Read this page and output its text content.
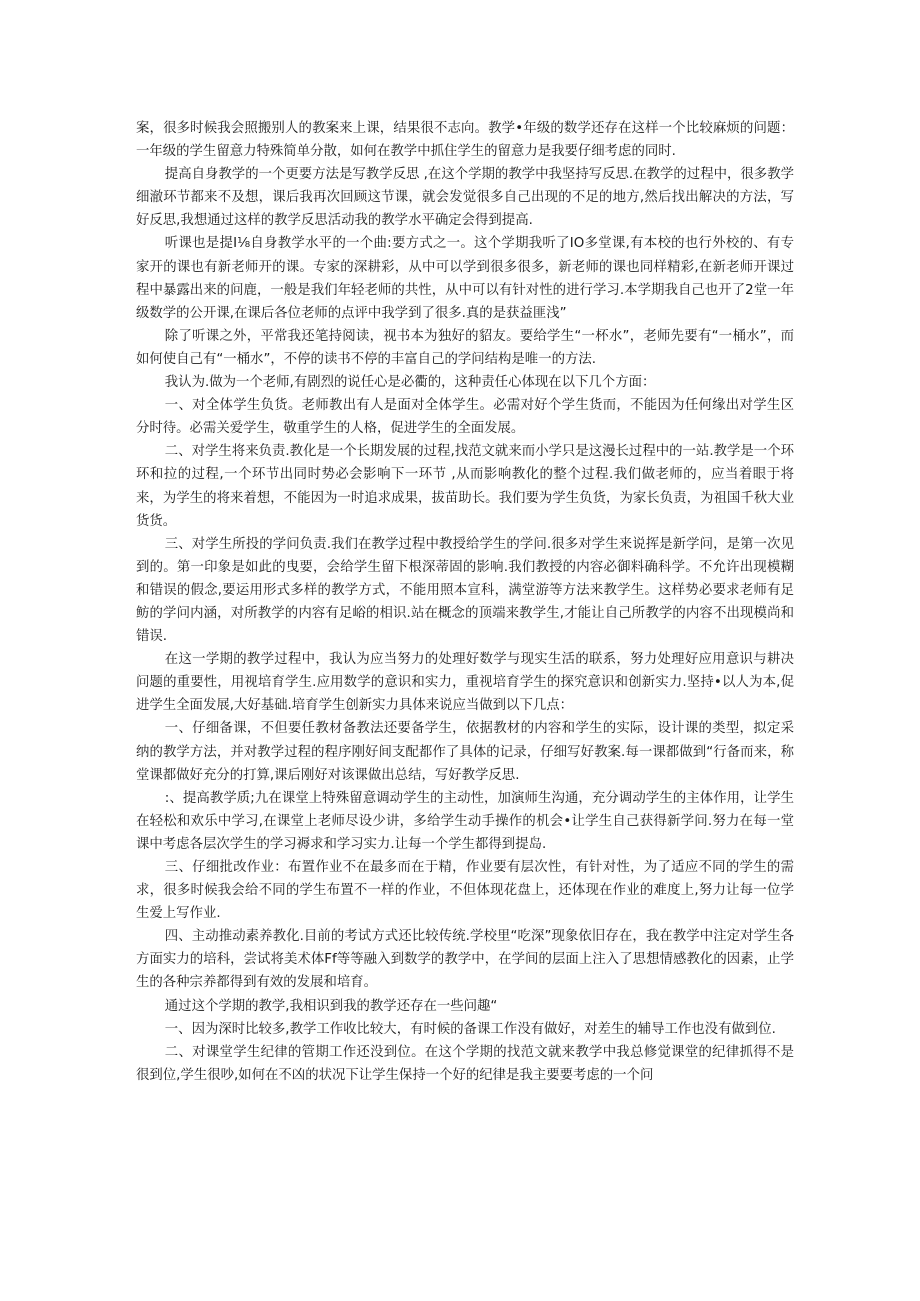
案，很多时候我会照搬别人的教案来上课，结果很不志向。教学•年级的数学还存在这样一个比较麻烦的问题：一年级的学生留意力特殊简单分散，如何在教学中抓住学生的留意力是我要仔细考虑的同时.

提高自身教学的一个更要方法是写教学反思 ,在这个学期的教学中我坚持写反思.在教学的过程中，很多教学细澈环节都来不及想，课后我再次回顾这节课，就会发觉很多自己出现的不足的地方,然后找出解决的方法，写好反思,我想通过这样的教学反思活动我的教学水平确定会得到提高.

听课也是提I⅛自身教学水平的一个曲:要方式之一。这个学期我听了IO多堂课,有本校的也行外校的、有专家开的课也有新老师开的课。专家的深耕彩，从中可以学到很多很多，新老师的课也同样精彩,在新老师开课过程中暴露出来的问鹿，一般是我们年轻老师的共性，从中可以有针对性的进行学习.本学期我自己也开了2堂一年级数学的公开课,在课后各位老师的点评中我学到了很多.真的是获益匪浅”

除了听课之外，平常我还笔持阅读，视书本为独好的貂友。要给学生“一杯水”，老师先要有“一桶水”，而如何使自己有“一桶水”，不停的读书不停的丰富自己的学问结构是唯一的方法.

我认为.做为一个老师,有剧烈的说任心是必衢的，这种责任心体现在以下几个方面：

一、对全体学生负货。老师教出有人是面对全体学生。必需对好个学生货而，不能因为任何缘出对学生区分时待。必需关爱学生，敬重学生的人格，促进学生的全面发展。

二、对学生将来负责.教化是一个长期发展的过程,找范文就来而小学只是这漫长过程中的一站.教学是一个环环和拉的过程,一个环节出同时势必会影响下一环节 ,从而影响教化的整个过程.我们做老师的，应当着眼于将来，为学生的将来着想，不能因为一时追求成果，拔苗助长。我们要为学生负货，为家长负责，为祖国千秋大业货货。

三、对学生所投的学问负责.我们在教学过程中教授给学生的学问.很多对学生来说挥是新学问，是第一次见到的。第一印象是如此的曳要，会给学生留下根深蒂固的影响.我们教授的内容必御料确科学。不允许出现模糊和错误的假念,要运用形式多样的教学方式，不能用照本宣科，满堂游等方法来教学生。这样势必要求老师有足鲂的学问内涵，对所教学的内容有足峪的相识.站在概念的顶端来教学生,才能让自己所教学的内容不出现模尚和错误.

在这一学期的教学过程中，我认为应当努力的处理好数学与现实生活的联系，努力处理好应用意识与耕决问题的重要性，用视培育学生.应用数学的意识和实力，重视培育学生的探究意识和创新实力.坚持•以人为本,促进学生全面发展,大好基础.培育学生创新实力具体来说应当做到以下几点：

一、仔细备课，不但要任教材备教法还要备学生，依据教材的内容和学生的实际，设计课的类型，拟定采纳的教学方法，并对教学过程的程序刚好间支配都作了具体的记录，仔细写好教案.每一课都做到“行备而来，称堂课都做好充分的打算,课后刚好对该课做出总结，写好教学反思.

:、提高教学质;九在课堂上特殊留意调动学生的主动性，加演师生沟通，充分调动学生的主体作用，让学生在轻松和欢乐中学习,在课堂上老师尽设少讲，多给学生动手操作的机会•让学生自己获得新学问.努力在每一堂课中考虑各层次学生的学习褥求和学习实力.让每一个学生都得到提岛.

三、仔细批改作业：布置作业不在最多而在于精，作业要有层次性，有针对性，为了适应不同的学生的需求，很多时候我会给不同的学生布置不一样的作业，不但体现花盘上，还体现在作业的难度上,努力让每一位学生爱上写作业.

四、主动推动素养教化.目前的考试方式还比较传统.学校里“吃深”现象依旧存在，我在教学中注定对学生各方面实力的培科，尝试将美术体Ff等等融入到数学的教学中，在学间的层面上注入了思想情感教化的因素，止学生的各种宗养都得到有效的发展和培育。

通过这个学期的教学,我相识到我的教学还存在一些问趣“

一、因为深时比较多,教学工作收比较大，有时候的备课工作没有做好，对差生的辅导工作也没有做到位.

二、对课堂学生纪律的管期工作还没到位。在这个学期的找范文就来教学中我总修觉课堂的纪律抓得不是很到位,学生很吵,如何在不凶的状况下让学生保持一个好的纪律是我主要要考虑的一个问
